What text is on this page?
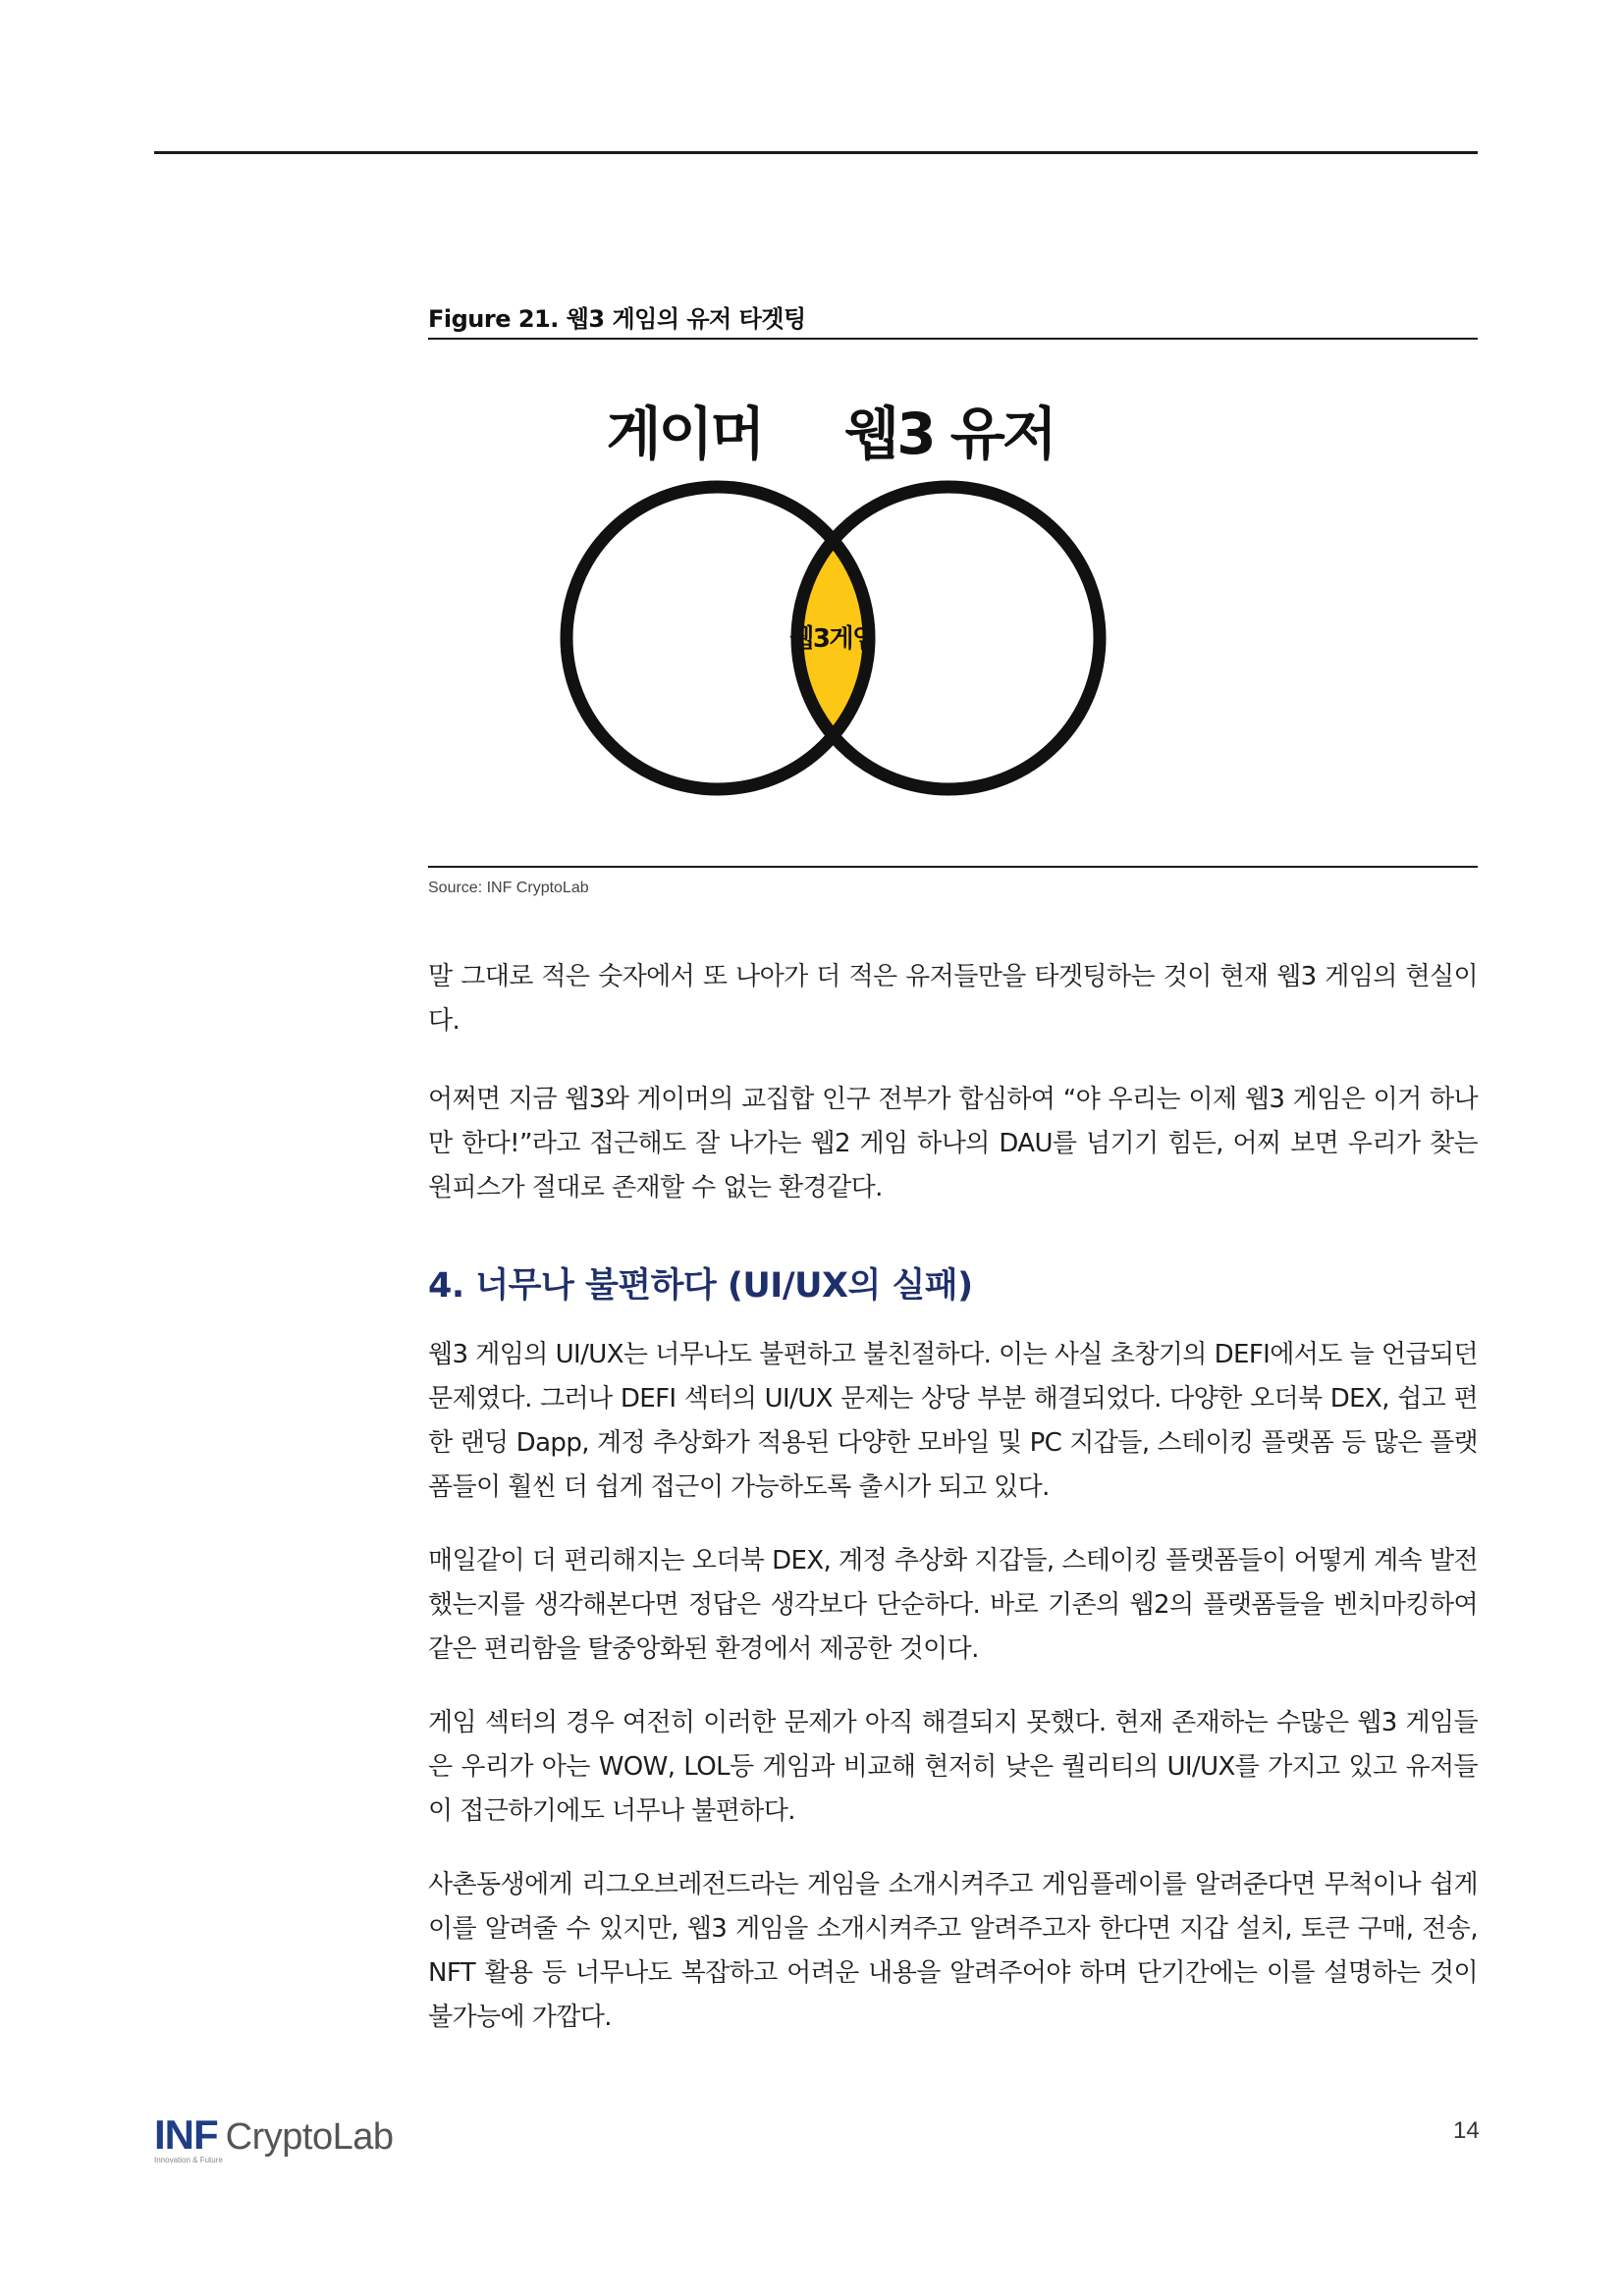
Figure 21. 웹3 게임의 유저 타겟팅
게이머 웹3 유저
웹3게임
Source: INF CryptoLab

말 그대로 적은 숫자에서 또 나아가 더 적은 유저들만을 타겟팅하는 것이 현재 웹3 게임의 현실이다.

어쩌면 지금 웹3와 게이머의 교집합 인구 전부가 합심하여 “야 우리는 이제 웹3 게임은 이거 하나만 한다!”라고 접근해도 잘 나가는 웹2 게임 하나의 DAU를 넘기기 힘든, 어찌 보면 우리가 찾는 원피스가 절대로 존재할 수 없는 환경같다.

4. 너무나 불편하다 (UI/UX의 실패)

웹3 게임의 UI/UX는 너무나도 불편하고 불친절하다. 이는 사실 초창기의 DEFI에서도 늘 언급되던 문제였다. 그러나 DEFI 섹터의 UI/UX 문제는 상당 부분 해결되었다. 다양한 오더북 DEX, 쉽고 편한 랜딩 Dapp, 계정 추상화가 적용된 다양한 모바일 및 PC 지갑들, 스테이킹 플랫폼 등 많은 플랫폼들이 훨씬 더 쉽게 접근이 가능하도록 출시가 되고 있다.

매일같이 더 편리해지는 오더북 DEX, 계정 추상화 지갑들, 스테이킹 플랫폼들이 어떻게 계속 발전했는지를 생각해본다면 정답은 생각보다 단순하다. 바로 기존의 웹2의 플랫폼들을 벤치마킹하여 같은 편리함을 탈중앙화된 환경에서 제공한 것이다.

게임 섹터의 경우 여전히 이러한 문제가 아직 해결되지 못했다. 현재 존재하는 수많은 웹3 게임들은 우리가 아는 WOW, LOL등 게임과 비교해 현저히 낮은 퀄리티의 UI/UX를 가지고 있고 유저들이 접근하기에도 너무나 불편하다.

사촌동생에게 리그오브레전드라는 게임을 소개시켜주고 게임플레이를 알려준다면 무척이나 쉽게 이를 알려줄 수 있지만, 웹3 게임을 소개시켜주고 알려주고자 한다면 지갑 설치, 토큰 구매, 전송, NFT 활용 등 너무나도 복잡하고 어려운 내용을 알려주어야 하며 단기간에는 이를 설명하는 것이 불가능에 가깝다.

INF CryptoLab
Innovation & Future
14
